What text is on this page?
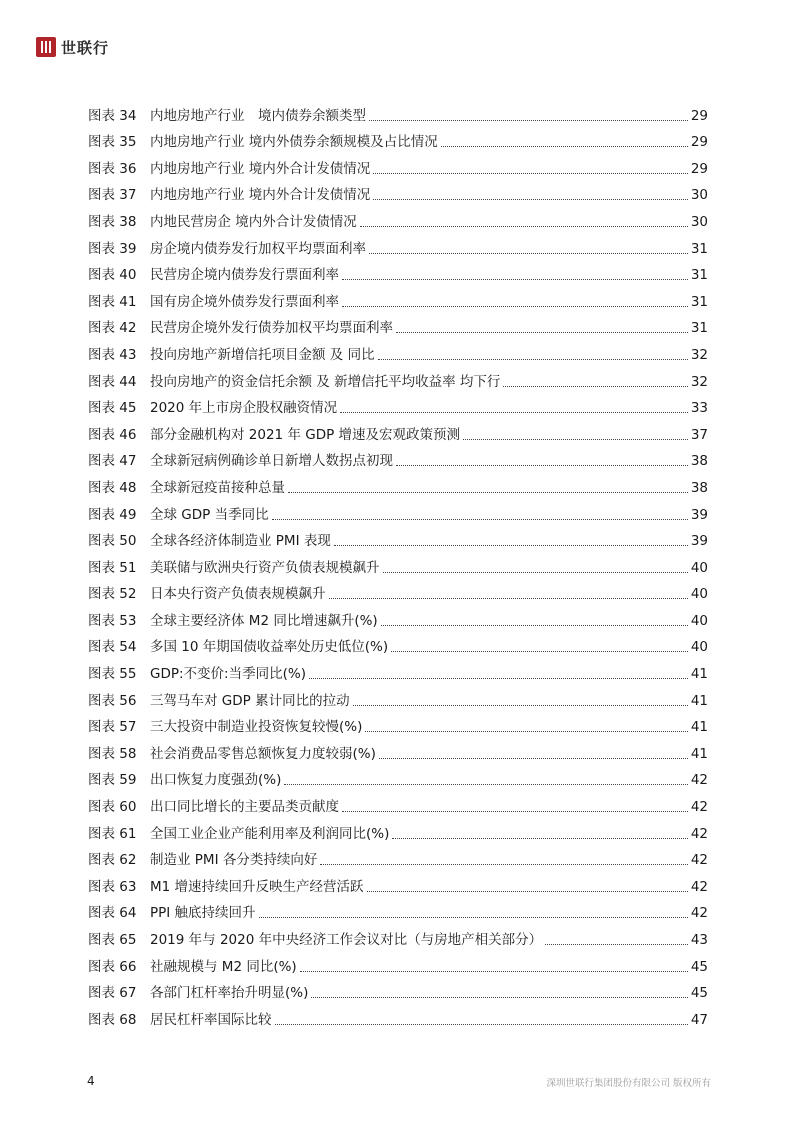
世联行
图表 34	内地房地产行业　境内债券余额类型	29
图表 35	内地房地产行业 境内外债券余额规模及占比情况	29
图表 36	内地房地产行业 境内外合计发债情况	29
图表 37	内地房地产行业 境内外合计发债情况	30
图表 38	内地民营房企 境内外合计发债情况	30
图表 39	房企境内债券发行加权平均票面利率	31
图表 40	民营房企境内债券发行票面利率	31
图表 41	国有房企境外债券发行票面利率	31
图表 42	民营房企境外发行债券加权平均票面利率	31
图表 43	投向房地产新增信托项目金额 及 同比	32
图表 44	投向房地产的资金信托余额 及 新增信托平均收益率 均下行	32
图表 45	2020 年上市房企股权融资情况	33
图表 46	部分金融机构对 2021 年 GDP 增速及宏观政策预测	37
图表 47	全球新冠病例确诊单日新增人数拐点初现	38
图表 48	全球新冠疫苗接种总量	38
图表 49	全球 GDP 当季同比	39
图表 50	全球各经济体制造业 PMI 表现	39
图表 51	美联储与欧洲央行资产负债表规模飙升	40
图表 52	日本央行资产负债表规模飙升	40
图表 53	全球主要经济体 M2 同比增速飙升(%)	40
图表 54	多国 10 年期国债收益率处历史低位(%)	40
图表 55	GDP:不变价:当季同比(%)	41
图表 56	三驾马车对 GDP 累计同比的拉动	41
图表 57	三大投资中制造业投资恢复较慢(%)	41
图表 58	社会消费品零售总额恢复力度较弱(%)	41
图表 59	出口恢复力度强劲(%)	42
图表 60	出口同比增长的主要品类贡献度	42
图表 61	全国工业企业产能利用率及利润同比(%)	42
图表 62	制造业 PMI 各分类持续向好	42
图表 63	M1 增速持续回升反映生产经营活跃	42
图表 64	PPI 触底持续回升	42
图表 65	2019 年与 2020 年中央经济工作会议对比（与房地产相关部分）	43
图表 66	社融规模与 M2 同比(%)	45
图表 67	各部门杠杆率抬升明显(%)	45
图表 68	居民杠杆率国际比较	47
4	深圳世联行集团股份有限公司 版权所有
